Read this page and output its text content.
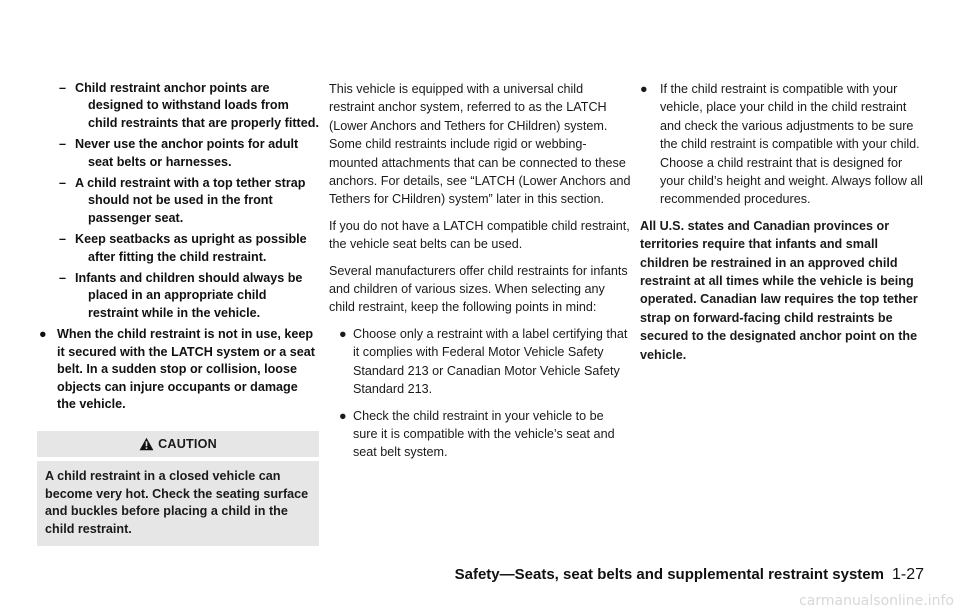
– Child restraint anchor points are designed to withstand loads from child restraints that are properly fitted.
– Never use the anchor points for adult seat belts or harnesses.
– A child restraint with a top tether strap should not be used in the front passenger seat.
– Keep seatbacks as upright as possible after fitting the child restraint.
– Infants and children should always be placed in an appropriate child restraint while in the vehicle.
● When the child restraint is not in use, keep it secured with the LATCH system or a seat belt. In a sudden stop or collision, loose objects can injure occupants or damage the vehicle.
CAUTION
A child restraint in a closed vehicle can become very hot. Check the seating surface and buckles before placing a child in the child restraint.

This vehicle is equipped with a universal child restraint anchor system, referred to as the LATCH (Lower Anchors and Tethers for CHildren) system. Some child restraints include rigid or webbing-mounted attachments that can be connected to these anchors. For details, see “LATCH (Lower Anchors and Tethers for CHildren) system” later in this section.

If you do not have a LATCH compatible child restraint, the vehicle seat belts can be used.

Several manufacturers offer child restraints for infants and children of various sizes. When selecting any child restraint, keep the following points in mind:

● Choose only a restraint with a label certifying that it complies with Federal Motor Vehicle Safety Standard 213 or Canadian Motor Vehicle Safety Standard 213.
● Check the child restraint in your vehicle to be sure it is compatible with the vehicle’s seat and seat belt system.
● If the child restraint is compatible with your vehicle, place your child in the child restraint and check the various adjustments to be sure the child restraint is compatible with your child. Choose a child restraint that is designed for your child’s height and weight. Always follow all recommended procedures.

All U.S. states and Canadian provinces or territories require that infants and small children be restrained in an approved child restraint at all times while the vehicle is being operated. Canadian law requires the top tether strap on forward-facing child restraints be secured to the designated anchor point on the vehicle.

Safety—Seats, seat belts and supplemental restraint system 1-27
carmanualsonline.info
